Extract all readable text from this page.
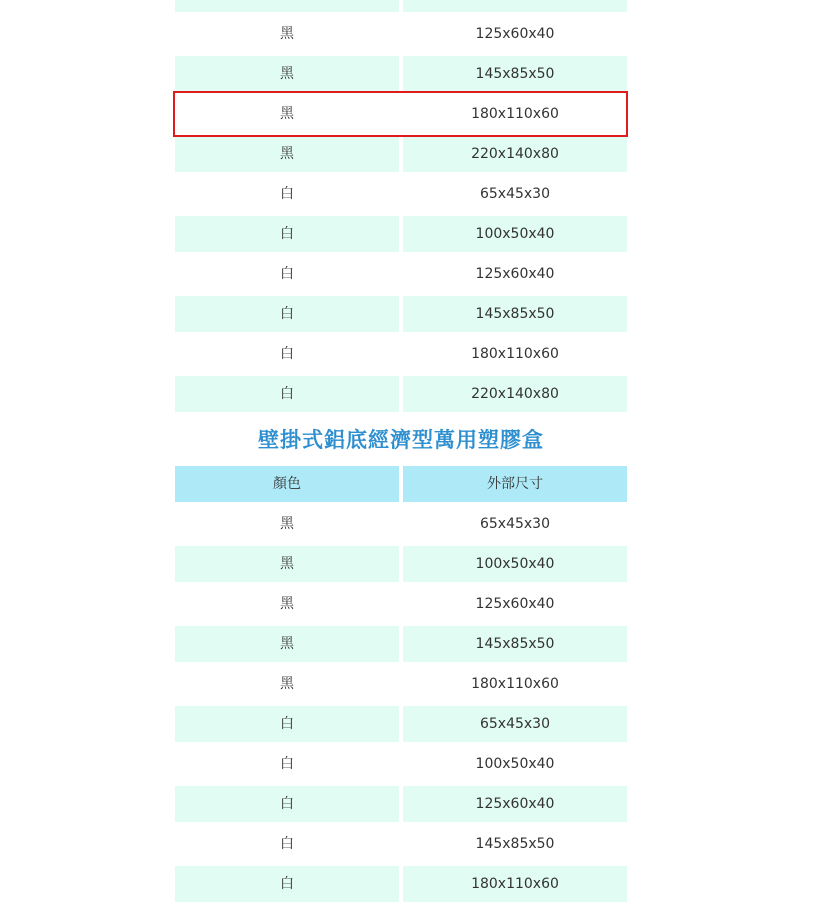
黑	125x60x40
黑	145x85x50
黑	180x110x60
黑	220x140x80
白	65x45x30
白	100x50x40
白	125x60x40
白	145x85x50
白	180x110x60
白	220x140x80
壁掛式鋁底經濟型萬用塑膠盒
顏色	外部尺寸
黑	65x45x30
黑	100x50x40
黑	125x60x40
黑	145x85x50
黑	180x110x60
白	65x45x30
白	100x50x40
白	125x60x40
白	145x85x50
白	180x110x60
